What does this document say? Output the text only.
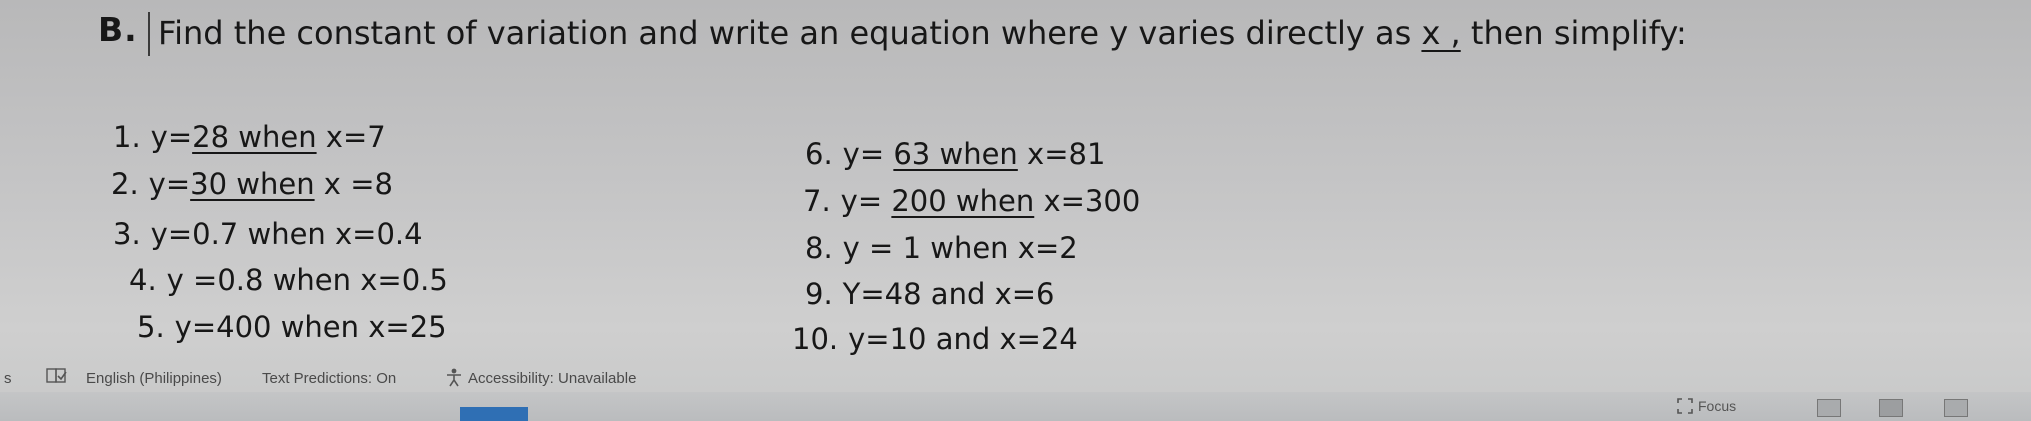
B. Find the constant of variation and write an equation where y varies directly as x , then simplify:
1. y=28 when x=7
2. y=30 when x =8
3. y=0.7 when x=0.4
4. y =0.8 when x=0.5
5. y=400 when x=25
6. y= 63 when x=81
7. y= 200 when x=300
8. y = 1 when x=2
9. Y=48 and x=6
10. y=10 and x=24
s	English (Philippines)	Text Predictions: On	Accessibility: Unavailable
Focus
